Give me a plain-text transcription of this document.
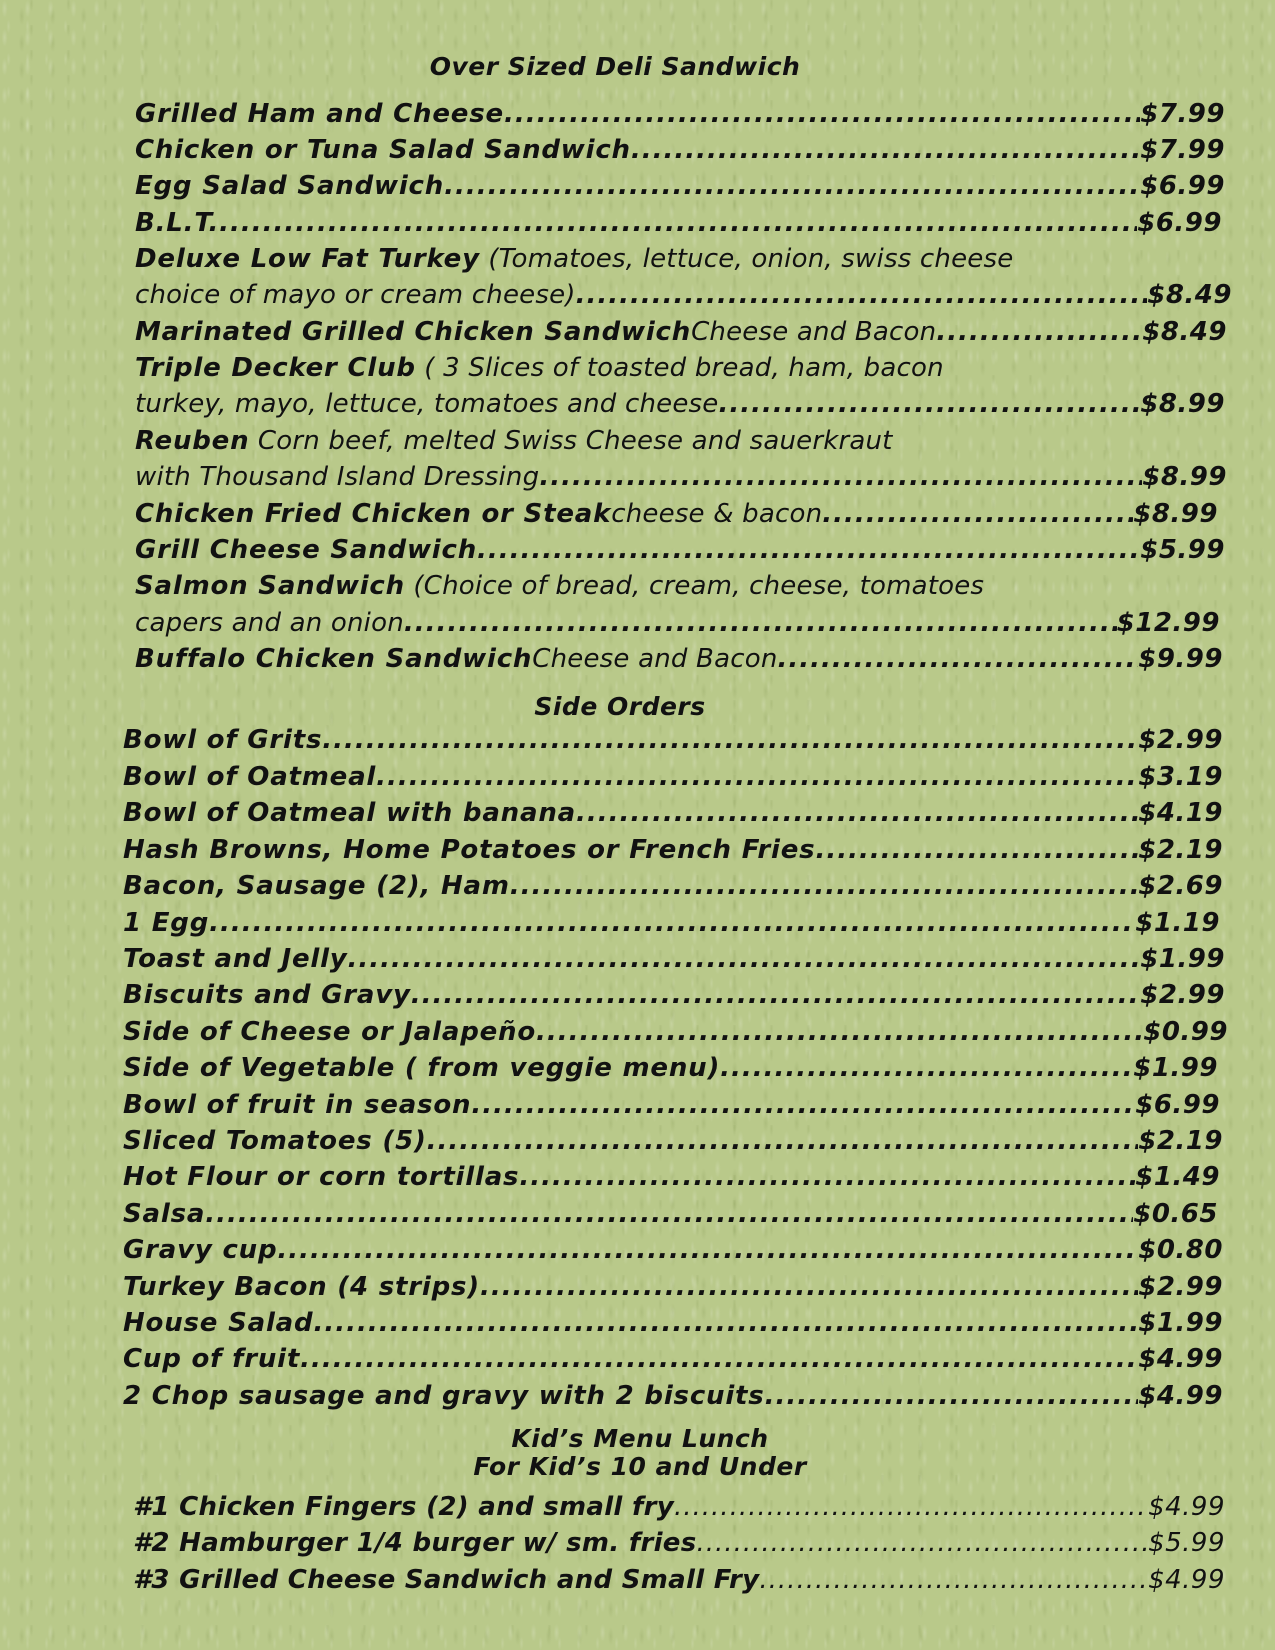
Over Sized Deli Sandwich
Grilled Ham and Cheese .....	$7.99
Chicken or Tuna Salad Sandwich .....	$7.99
Egg Salad Sandwich .....	$6.99
B.L.T. .....	$6.99
Deluxe Low Fat Turkey (Tomatoes, lettuce, onion, swiss cheese
choice of mayo or cream cheese) .....	$8.49
Marinated Grilled Chicken Sandwich Cheese and Bacon .....	$8.49
Triple Decker Club ( 3 Slices of toasted bread, ham, bacon
turkey, mayo, lettuce, tomatoes and cheese .....	$8.99
Reuben Corn beef, melted Swiss Cheese and sauerkraut
with Thousand Island Dressing .....	$8.99
Chicken Fried Chicken or Steak cheese & bacon .....	$8.99
Grill Cheese Sandwich .....	$5.99
Salmon Sandwich (Choice of bread, cream, cheese, tomatoes
capers and an onion .....	$12.99
Buffalo Chicken Sandwich Cheese and Bacon .....	$9.99
Side Orders
Bowl of Grits .....	$2.99
Bowl of Oatmeal .....	$3.19
Bowl of Oatmeal with banana .....	$4.19
Hash Browns, Home Potatoes or French Fries .....	$2.19
Bacon, Sausage (2), Ham .....	$2.69
1 Egg .....	$1.19
Toast and Jelly .....	$1.99
Biscuits and Gravy .....	$2.99
Side of Cheese or Jalapeño .....	$0.99
Side of Vegetable ( from veggie menu) .....	$1.99
Bowl of fruit in season .....	$6.99
Sliced Tomatoes (5) .....	$2.19
Hot Flour or corn tortillas .....	$1.49
Salsa .....	$0.65
Gravy cup .....	$0.80
Turkey Bacon (4 strips) .....	$2.99
House Salad .....	$1.99
Cup of fruit .....	$4.99
2 Chop sausage and gravy with 2 biscuits .....	$4.99
Kid’s Menu Lunch
For Kid’s 10 and Under
#1 Chicken Fingers (2) and small fry .....	$4.99
#2 Hamburger 1/4 burger w/ sm. fries .....	$5.99
#3 Grilled Cheese Sandwich and Small Fry .....	$4.99
